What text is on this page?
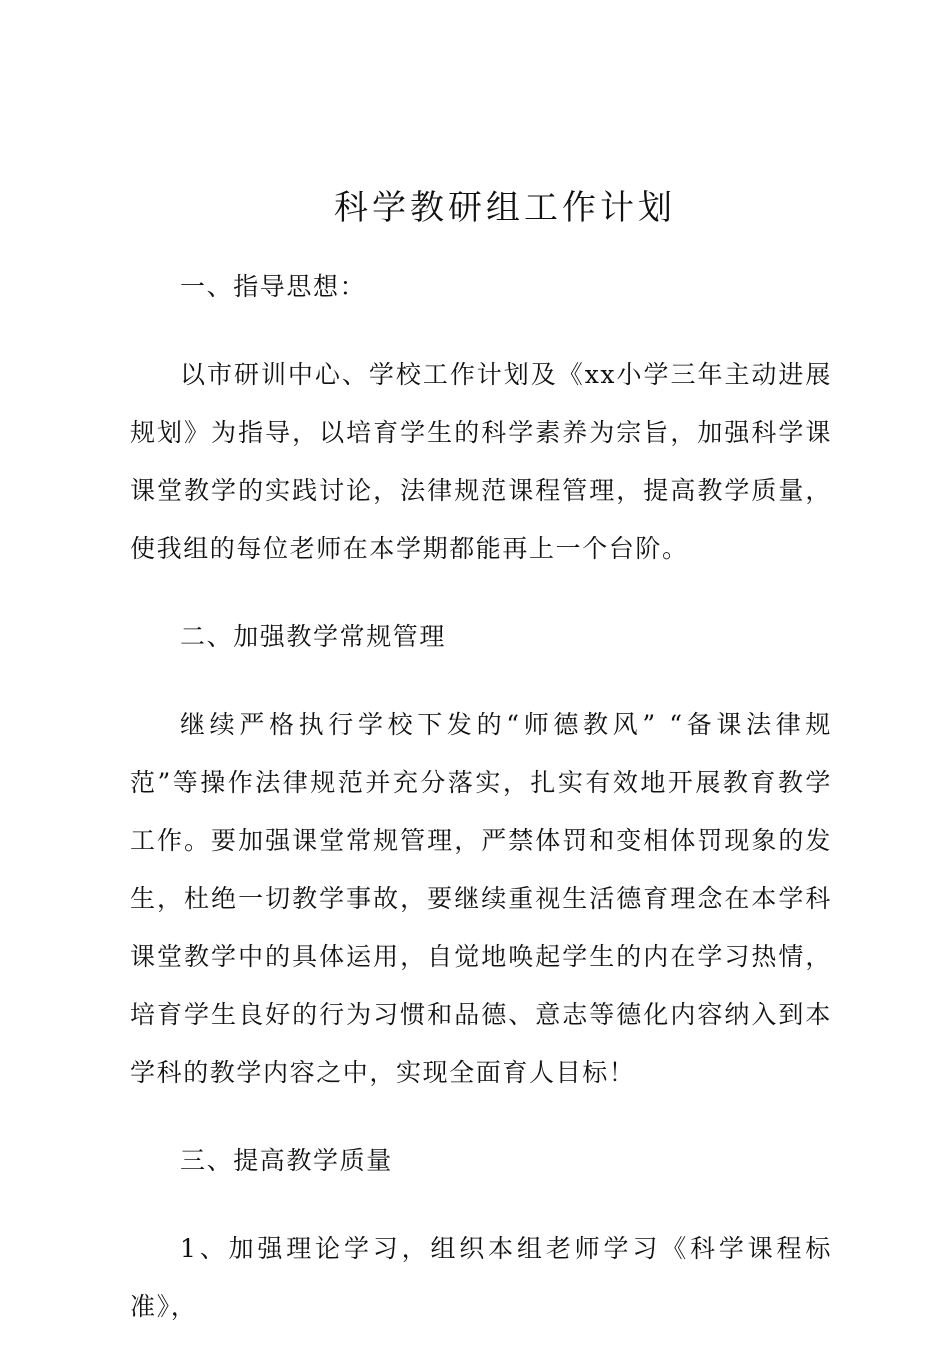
科学教研组工作计划

一、指导思想：

以市研训中心、学校工作计划及《xx小学三年主动进展规划》为指导，以培育学生的科学素养为宗旨，加强科学课课堂教学的实践讨论，法律规范课程管理，提高教学质量，使我组的每位老师在本学期都能再上一个台阶。

二、加强教学常规管理

继续严格执行学校下发的“师德教风” “备课法律规范”等操作法律规范并充分落实，扎实有效地开展教育教学工作。要加强课堂常规管理，严禁体罚和变相体罚现象的发生，杜绝一切教学事故，要继续重视生活德育理念在本学科课堂教学中的具体运用，自觉地唤起学生的内在学习热情，培育学生良好的行为习惯和品德、意志等德化内容纳入到本学科的教学内容之中，实现全面育人目标！

三、提高教学质量

1、加强理论学习，组织本组老师学习《科学课程标准》，
